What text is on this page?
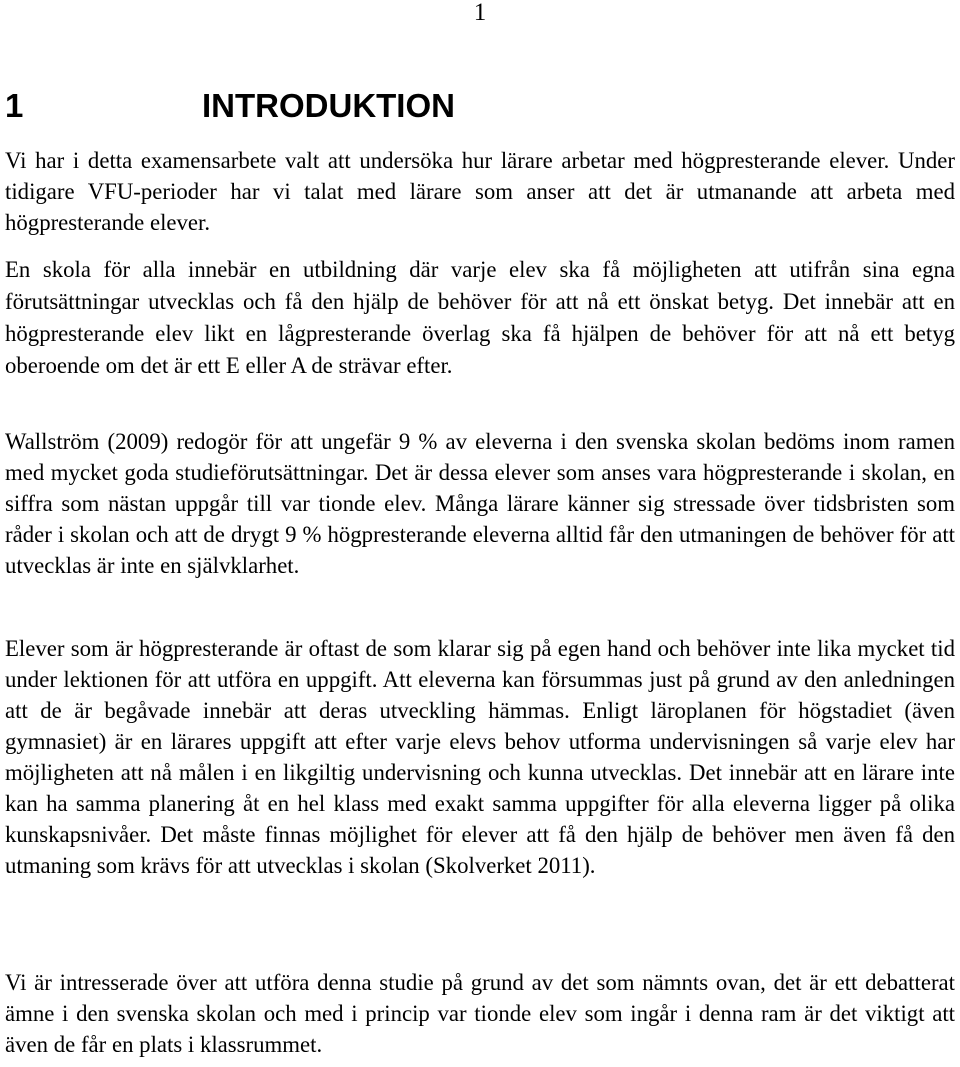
1
1	INTRODUKTION

Vi har i detta examensarbete valt att undersöka hur lärare arbetar med högpresterande elever. Under tidigare VFU-perioder har vi talat med lärare som anser att det är utmanande att arbeta med högpresterande elever.

En skola för alla innebär en utbildning där varje elev ska få möjligheten att utifrån sina egna förutsättningar utvecklas och få den hjälp de behöver för att nå ett önskat betyg. Det innebär att en högpresterande elev likt en lågpresterande överlag ska få hjälpen de behöver för att nå ett betyg oberoende om det är ett E eller A de strävar efter.

Wallström (2009) redogör för att ungefär 9 % av eleverna i den svenska skolan bedöms inom ramen med mycket goda studieförutsättningar. Det är dessa elever som anses vara högpresterande i skolan, en siffra som nästan uppgår till var tionde elev. Många lärare känner sig stressade över tidsbristen som råder i skolan och att de drygt 9 % högpresterande eleverna alltid får den utmaningen de behöver för att utvecklas är inte en självklarhet.

Elever som är högpresterande är oftast de som klarar sig på egen hand och behöver inte lika mycket tid under lektionen för att utföra en uppgift. Att eleverna kan försummas just på grund av den anledningen att de är begåvade innebär att deras utveckling hämmas. Enligt läroplanen för högstadiet (även gymnasiet) är en lärares uppgift att efter varje elevs behov utforma undervisningen så varje elev har möjligheten att nå målen i en likgiltig undervisning och kunna utvecklas. Det innebär att en lärare inte kan ha samma planering åt en hel klass med exakt samma uppgifter för alla eleverna ligger på olika kunskapsnivåer. Det måste finnas möjlighet för elever att få den hjälp de behöver men även få den utmaning som krävs för att utvecklas i skolan (Skolverket 2011).

Vi är intresserade över att utföra denna studie på grund av det som nämnts ovan, det är ett debatterat ämne i den svenska skolan och med i princip var tionde elev som ingår i denna ram är det viktigt att även de får en plats i klassrummet.
